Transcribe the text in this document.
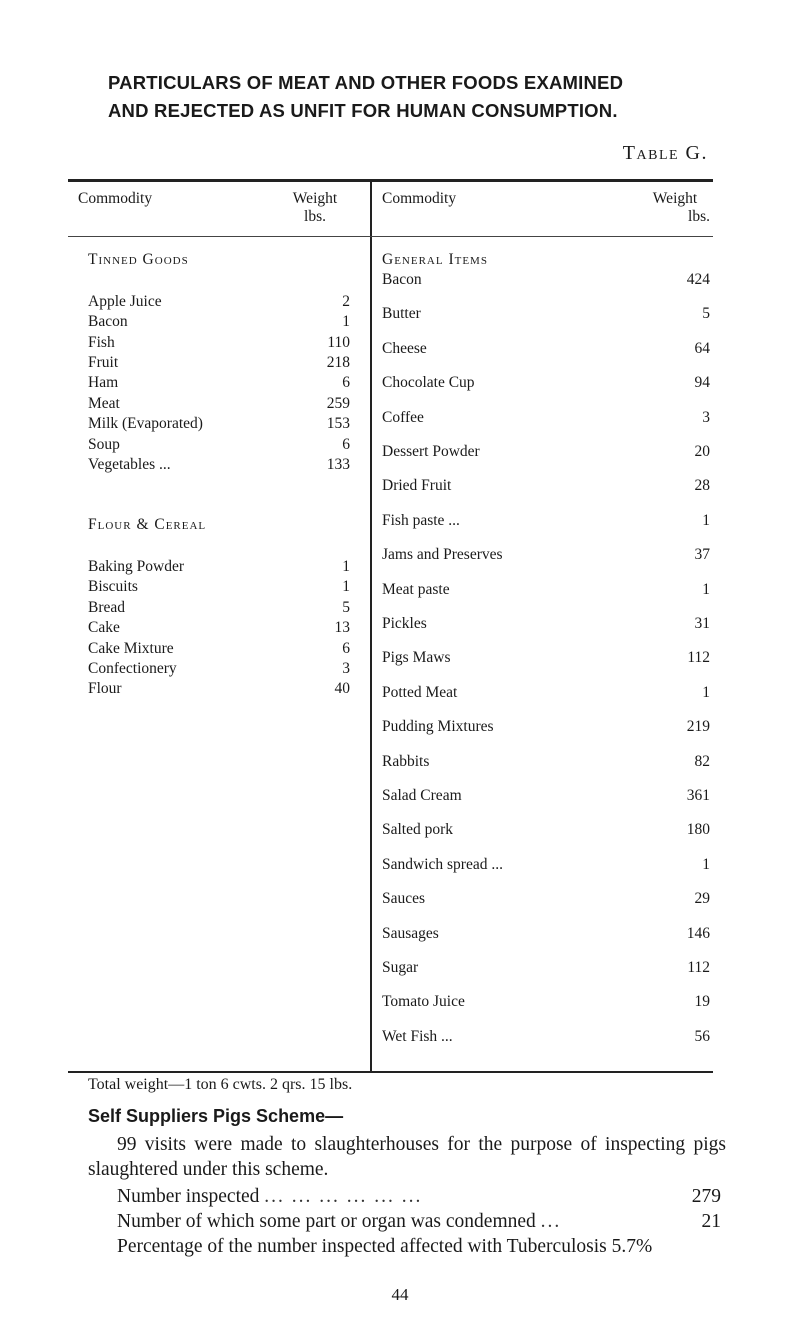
PARTICULARS OF MEAT AND OTHER FOODS EXAMINED
AND REJECTED AS UNFIT FOR HUMAN CONSUMPTION.
Table G.
Commodity	Weight
lbs.
Commodity	Weight
lbs.
Tinned Goods
Apple Juice	2
Bacon	1
Fish	110
Fruit	218
Ham	6
Meat	259
Milk (Evaporated)	153
Soup	6
Vegetables ...	133
Flour & Cereal
Baking Powder	1
Biscuits	1
Bread	5
Cake	13
Cake Mixture	6
Confectionery	3
Flour	40
General Items
Bacon	424
Butter	5
Cheese	64
Chocolate Cup	94
Coffee	3
Dessert Powder	20
Dried Fruit	28
Fish paste ...	1
Jams and Preserves	37
Meat paste	1
Pickles	31
Pigs Maws	112
Potted Meat	1
Pudding Mixtures	219
Rabbits	82
Salad Cream	361
Salted pork	180
Sandwich spread ...	1
Sauces	29
Sausages	146
Sugar	112
Tomato Juice	19
Wet Fish ...	56
Total weight—1 ton 6 cwts. 2 qrs. 15 lbs.
Self Suppliers Pigs Scheme—
99 visits were made to slaughterhouses for the purpose of inspecting pigs slaughtered under this scheme.
Number inspected ... ... ... ... ... ...	279
Number of which some part or organ was condemned ...	21
Percentage of the number inspected affected with Tuberculosis 5.7%
44
